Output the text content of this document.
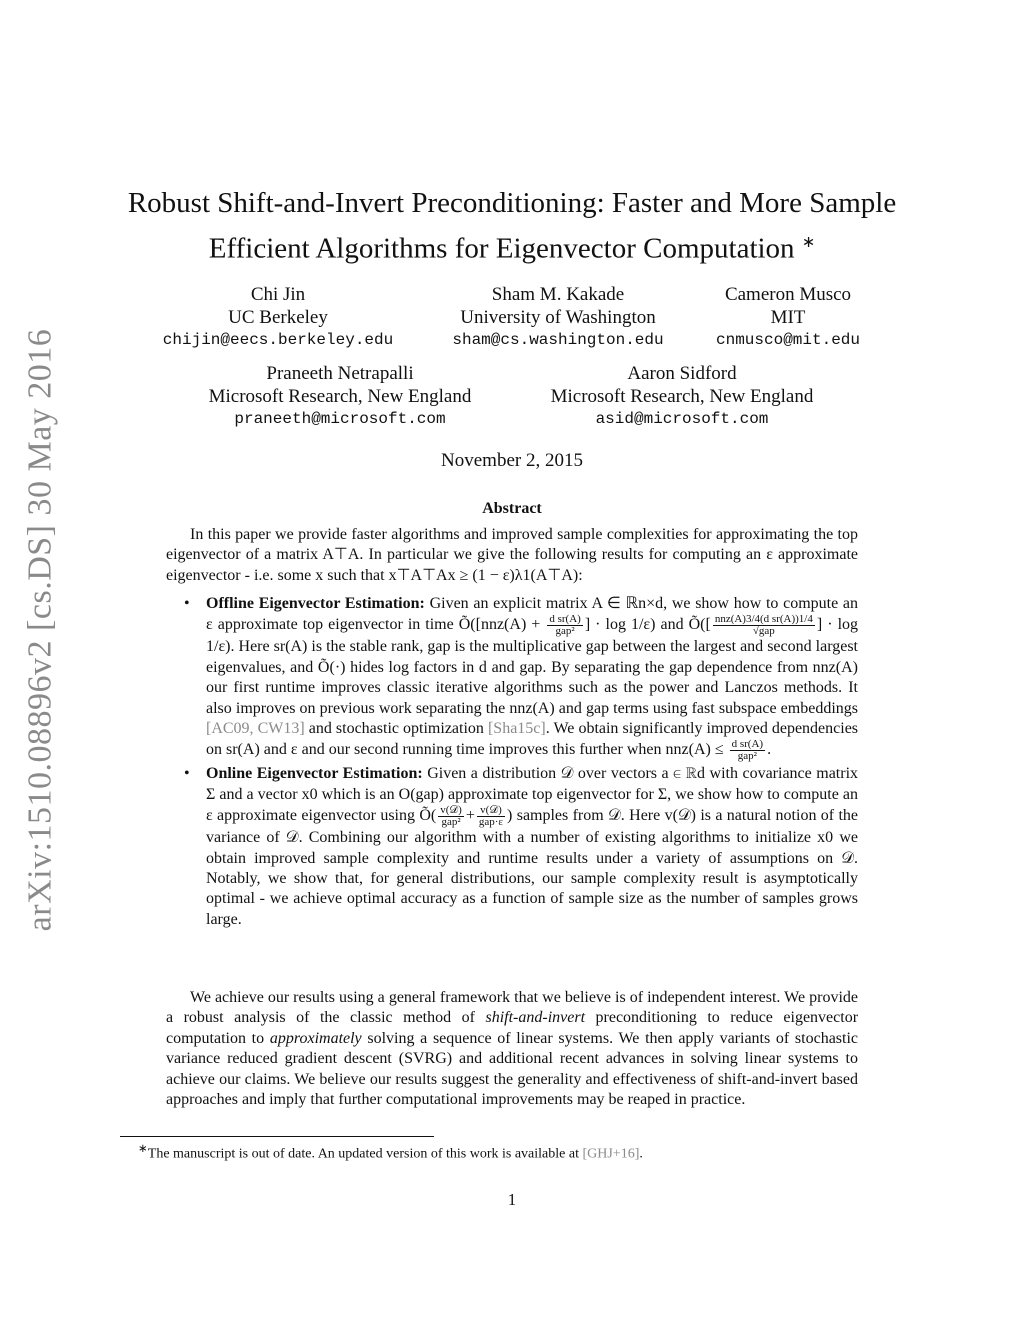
arXiv:1510.08896v2 [cs.DS] 30 May 2016
Robust Shift-and-Invert Preconditioning: Faster and More Sample
Efficient Algorithms for Eigenvector Computation ∗
Chi Jin
UC Berkeley
chijin@eecs.berkeley.edu
Sham M. Kakade
University of Washington
sham@cs.washington.edu
Cameron Musco
MIT
cnmusco@mit.edu
Praneeth Netrapalli
Microsoft Research, New England
praneeth@microsoft.com
Aaron Sidford
Microsoft Research, New England
asid@microsoft.com
November 2, 2015
Abstract
In this paper we provide faster algorithms and improved sample complexities for approximating the top eigenvector of a matrix A⊤A. In particular we give the following results for computing an ε approximate eigenvector - i.e. some x such that x⊤A⊤Ax ≥ (1 − ε)λ1(A⊤A):
• Offline Eigenvector Estimation: Given an explicit matrix A ∈ ℝn×d, we show how to compute an ε approximate top eigenvector in time Õ([nnz(A) + $\frac{\text{d sr(A)}}{\text{gap²}}$ ] · log 1/ε) and Õ([ $\frac{\text{nnz(A)3/4(d sr(A))1/4}}{\text{√gap}}$ ] · log 1/ε). Here sr(A) is the stable rank, gap is the multiplicative gap between the largest and second largest eigenvalues, and Õ(·) hides log factors in d and gap. By separating the gap dependence from nnz(A) our first runtime improves classic iterative algorithms such as the power and Lanczos methods. It also improves on previous work separating the nnz(A) and gap terms using fast subspace embeddings [AC09, CW13] and stochastic optimization [Sha15c]. We obtain significantly improved dependencies on sr(A) and ε and our second running time improves this further when $nnz(A) \le \frac{\text{d sr(A)}}{\text{gap²}}$ .
• Online Eigenvector Estimation: Given a distribution 𝒟 over vectors a ∈ ℝd with covariance matrix Σ and a vector x0 which is an O(gap) approximate top eigenvector for Σ, we show how to compute an ε approximate eigenvector using Õ( $\frac{\text{v(𝒟)}}{\text{gap²}} + \frac{\text{v(𝒟)}}{\text{gap·ε}}$ ) samples from 𝒟. Here v(𝒟) is a natural notion of the variance of 𝒟. Combining our algorithm with a number of existing algorithms to initialize x0 we obtain improved sample complexity and runtime results under a variety of assumptions on 𝒟. Notably, we show that, for general distributions, our sample complexity result is asymptotically optimal - we achieve optimal accuracy as a function of sample size as the number of samples grows large.
We achieve our results using a general framework that we believe is of independent interest. We provide a robust analysis of the classic method of shift-and-invert preconditioning to reduce eigenvector computation to approximately solving a sequence of linear systems. We then apply variants of stochastic variance reduced gradient descent (SVRG) and additional recent advances in solving linear systems to achieve our claims. We believe our results suggest the generality and effectiveness of shift-and-invert based approaches and imply that further computational improvements may be reaped in practice.
∗The manuscript is out of date. An updated version of this work is available at [GHJ+16].
1
